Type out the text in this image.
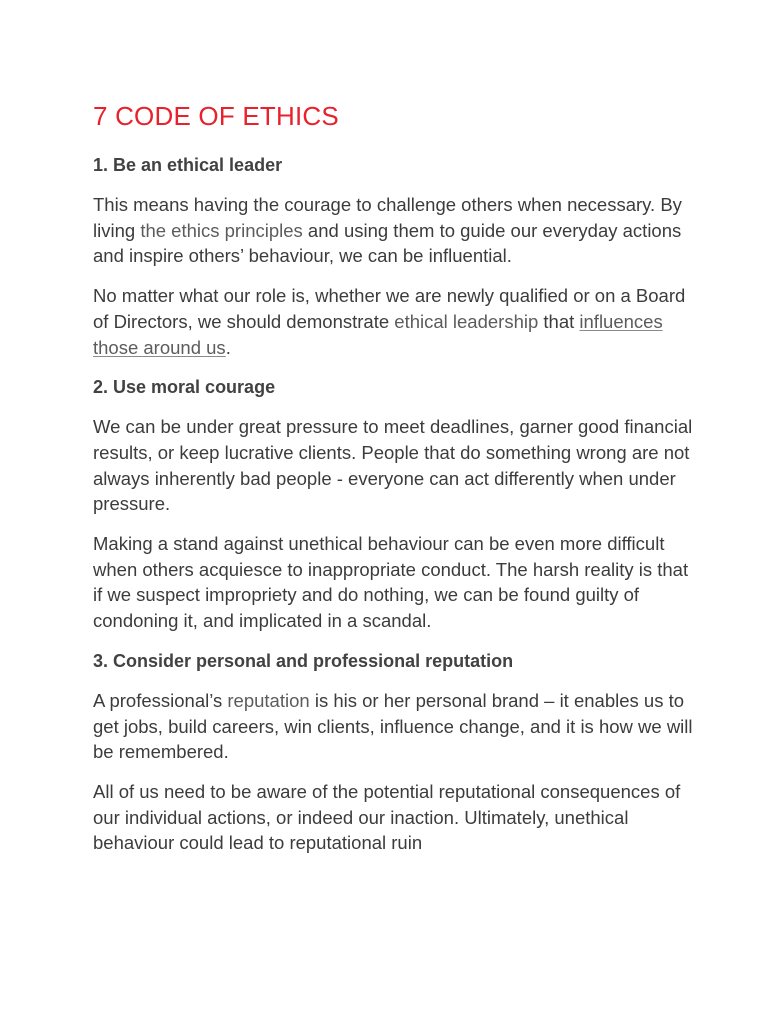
7 CODE OF ETHICS
1. Be an ethical leader

This means having the courage to challenge others when necessary. By living the ethics principles and using them to guide our everyday actions and inspire others’ behaviour, we can be influential.

No matter what our role is, whether we are newly qualified or on a Board of Directors, we should demonstrate ethical leadership that influences those around us.

2. Use moral courage

We can be under great pressure to meet deadlines, garner good financial results, or keep lucrative clients. People that do something wrong are not always inherently bad people - everyone can act differently when under pressure.

Making a stand against unethical behaviour can be even more difficult when others acquiesce to inappropriate conduct. The harsh reality is that if we suspect impropriety and do nothing, we can be found guilty of condoning it, and implicated in a scandal.

3. Consider personal and professional reputation

A professional’s reputation is his or her personal brand – it enables us to get jobs, build careers, win clients, influence change, and it is how we will be remembered.

All of us need to be aware of the potential reputational consequences of our individual actions, or indeed our inaction. Ultimately, unethical behaviour could lead to reputational ruin
